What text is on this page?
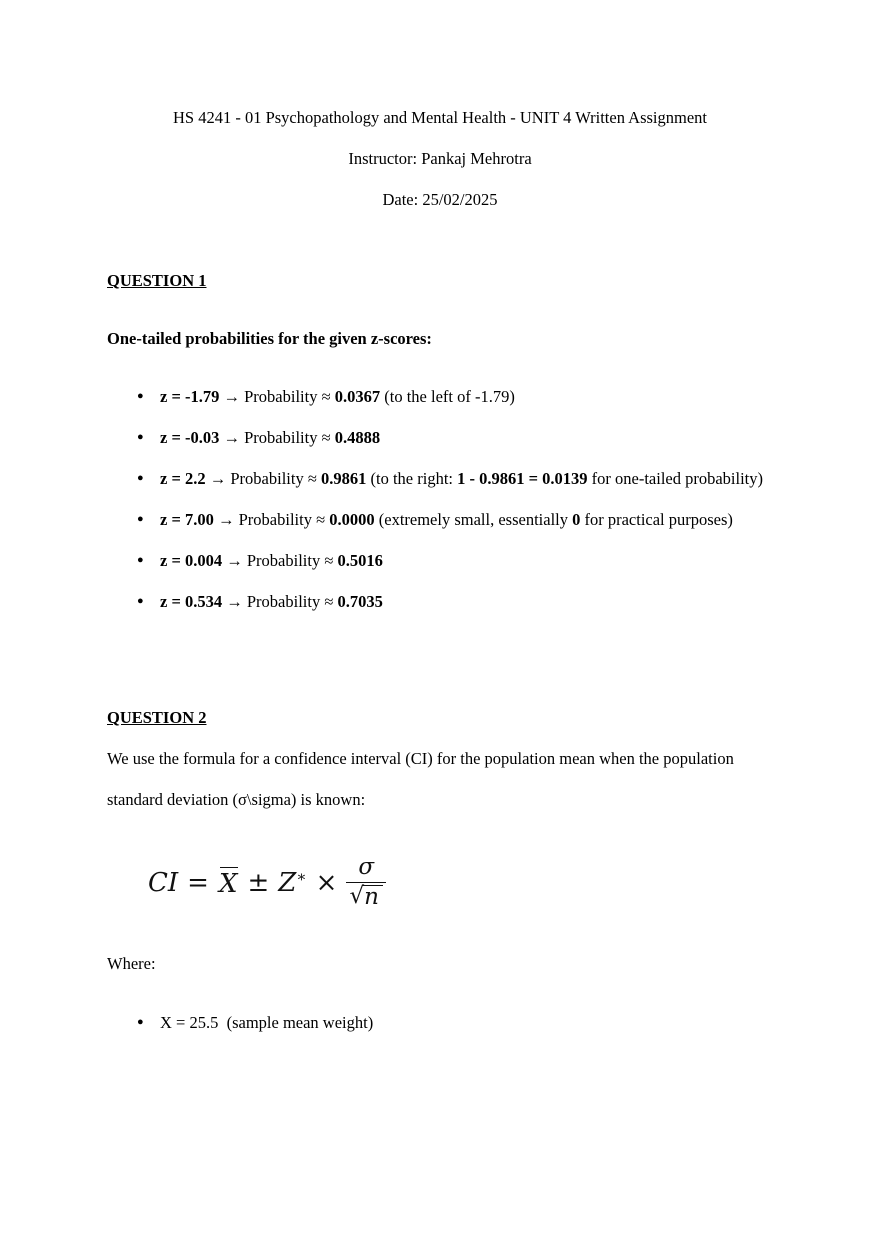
HS 4241 - 01 Psychopathology and Mental Health - UNIT 4 Written Assignment

Instructor: Pankaj Mehrotra

Date: 25/02/2025

QUESTION 1

One-tailed probabilities for the given z-scores:

● z = -1.79 → Probability ≈ 0.0367 (to the left of -1.79)
● z = -0.03 → Probability ≈ 0.4888
● z = 2.2 → Probability ≈ 0.9861 (to the right: 1 - 0.9861 = 0.0139 for one-tailed probability)
● z = 7.00 → Probability ≈ 0.0000 (extremely small, essentially 0 for practical purposes)
● z = 0.004 → Probability ≈ 0.5016
● z = 0.534 → Probability ≈ 0.7035

QUESTION 2

We use the formula for a confidence interval (CI) for the population mean when the population standard deviation (σ\sigma) is known:

CI = $X \pm Z^∗ \times \frac{\sigma}{√ n}$

Where:

● X = 25.5  (sample mean weight)
